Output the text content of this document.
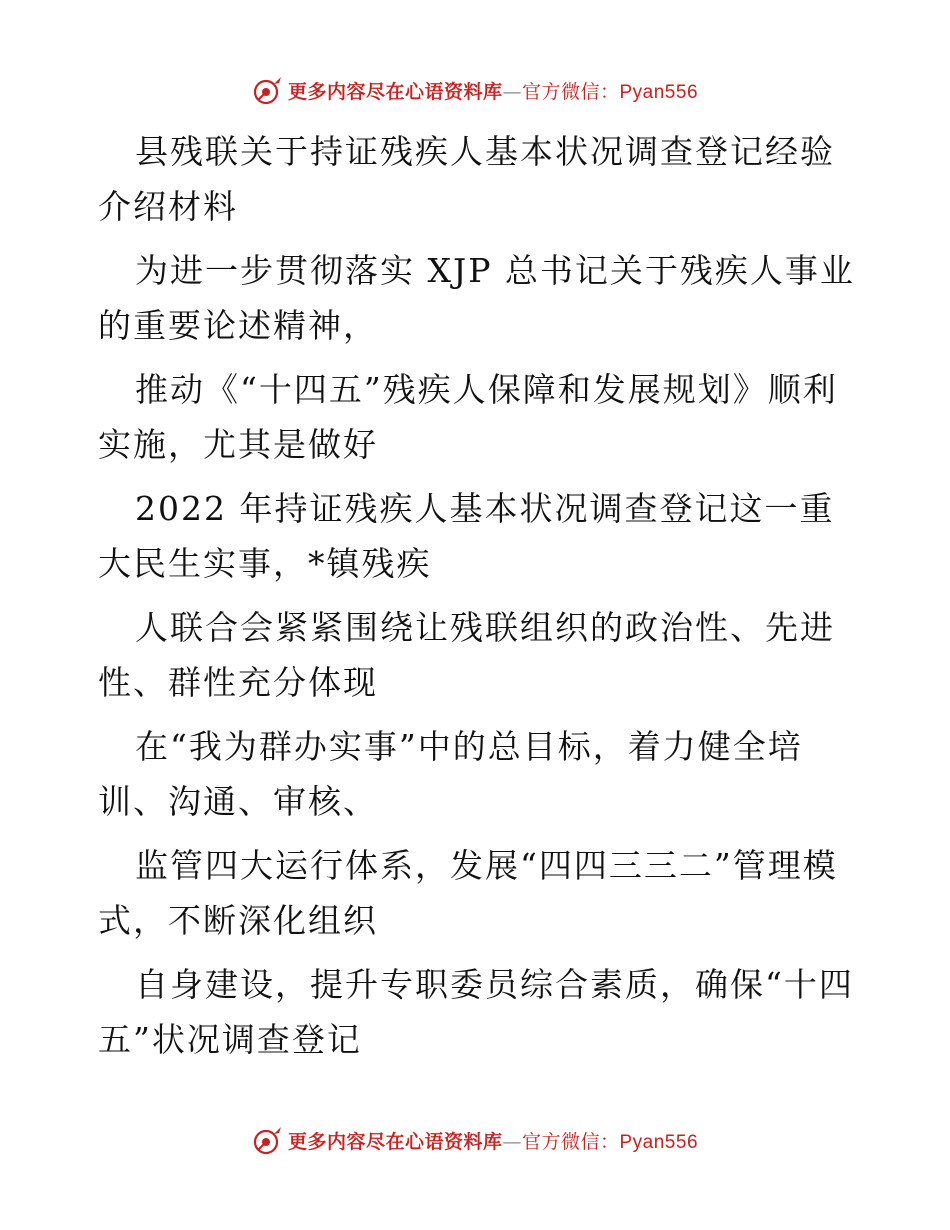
更多内容尽在心语资料库—官方微信：Pyan556

县残联关于持证残疾人基本状况调查登记经验介绍材料

为进一步贯彻落实 XJP 总书记关于残疾人事业的重要论述精神，

推动《“十四五”残疾人保障和发展规划》顺利实施，尤其是做好

2022 年持证残疾人基本状况调查登记这一重大民生实事，*镇残疾

人联合会紧紧围绕让残联组织的政治性、先进性、群性充分体现

在“我为群办实事”中的总目标，着力健全培训、沟通、审核、

监管四大运行体系，发展“四四三三二”管理模式，不断深化组织

自身建设，提升专职委员综合素质，确保“十四五”状况调查登记

更多内容尽在心语资料库—官方微信：Pyan556
